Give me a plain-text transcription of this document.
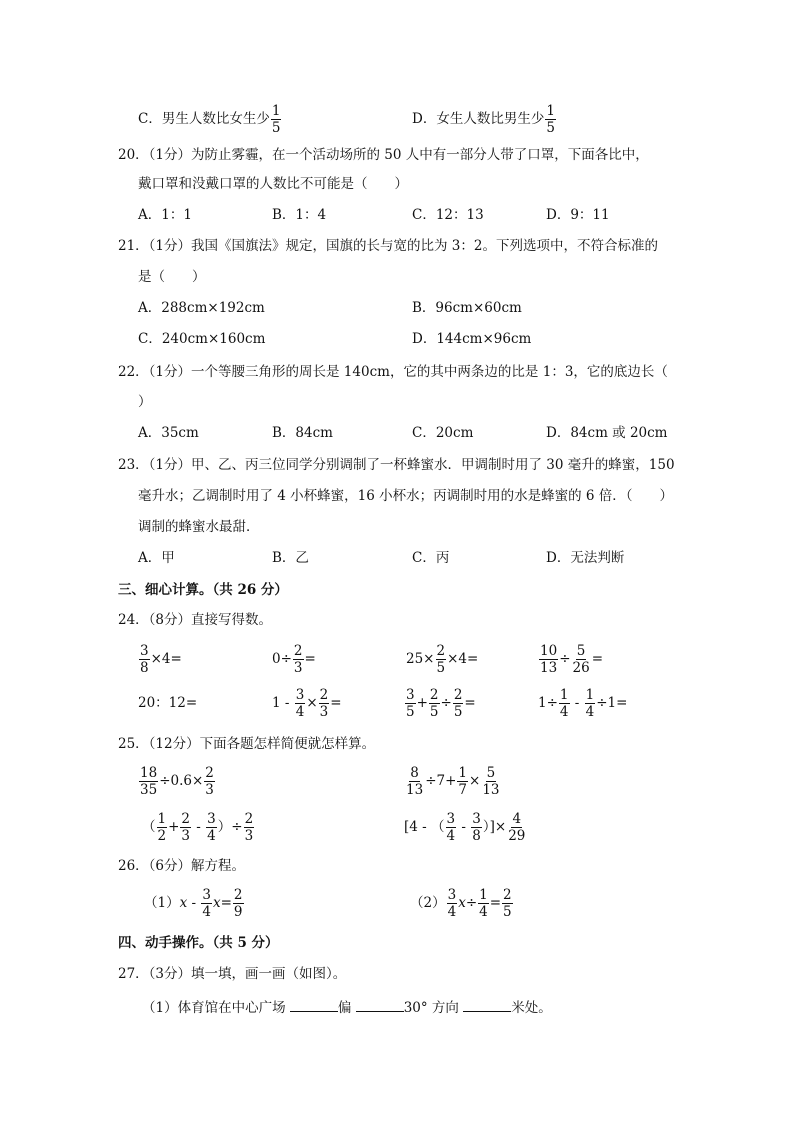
C．男生人数比女生少 $\frac{1}{5}$	D．女生人数比男生少 $\frac{1}{5}$
20．（1分）为防止雾霾，在一个活动场所的 50 人中有一部分人带了口罩，下面各比中，
戴口罩和没戴口罩的人数比不可能是（　　）
A．1：1	B．1：4	C．12：13	D．9：11
21．（1分）我国《国旗法》规定，国旗的长与宽的比为 3：2。下列选项中，不符合标准的
是（　　）
A．288cm×192cm	B．96cm×60cm
C．240cm×160cm	D．144cm×96cm
22．（1分）一个等腰三角形的周长是 140cm，它的其中两条边的比是 1：3，它的底边长（
）
A．35cm	B．84cm	C．20cm	D．84cm 或 20cm
23．（1分）甲、乙、丙三位同学分别调制了一杯蜂蜜水．甲调制时用了 30 毫升的蜂蜜，150
毫升水；乙调制时用了 4 小杯蜂蜜，16 小杯水；丙调制时用的水是蜂蜜的 6 倍．（　　）
调制的蜂蜜水最甜．
A．甲	B．乙	C．丙	D．无法判断
三、细心计算。（共 26 分）
24．（8分）直接写得数。
$\frac{3}{8} \times 4=$	$0\div \frac{2}{3}$ =	$25\times \frac{2}{5} \times 4=$	$\frac{10}{13} \div \frac{5}{26}$ =
20：12=	$1 - \frac{3}{4} \times \frac{2}{3}$ =	$\frac{3}{5} + \frac{2}{5} \div \frac{2}{5}$ =	$1\div \frac{1}{4} - \frac{1}{4} \div 1=$
25．（12分）下面各题怎样简便就怎样算。
$\frac{18}{35} \div 0.6\times \frac{2}{3}$	$\frac{8}{13} \div 7+ \frac{1}{7} \times \frac{5}{13}$
（ $\frac{1}{2} + \frac{2}{3} - \frac{3}{4}$ ）÷ $\frac{2}{3}$	[4 - （ $\frac{3}{4} - \frac{3}{8}$ ）]× $\frac{4}{29}$
26．（6分）解方程。
$(1)x - \frac{3}{4} x= \frac{2}{9}$	$(2) \frac{3}{4} x\div \frac{1}{4} = \frac{2}{5}$
四、动手操作。（共 5 分）
27．（3分）填一填，画一画（如图）。
（1）体育馆在中心广场	偏	30° 方向	米处。
